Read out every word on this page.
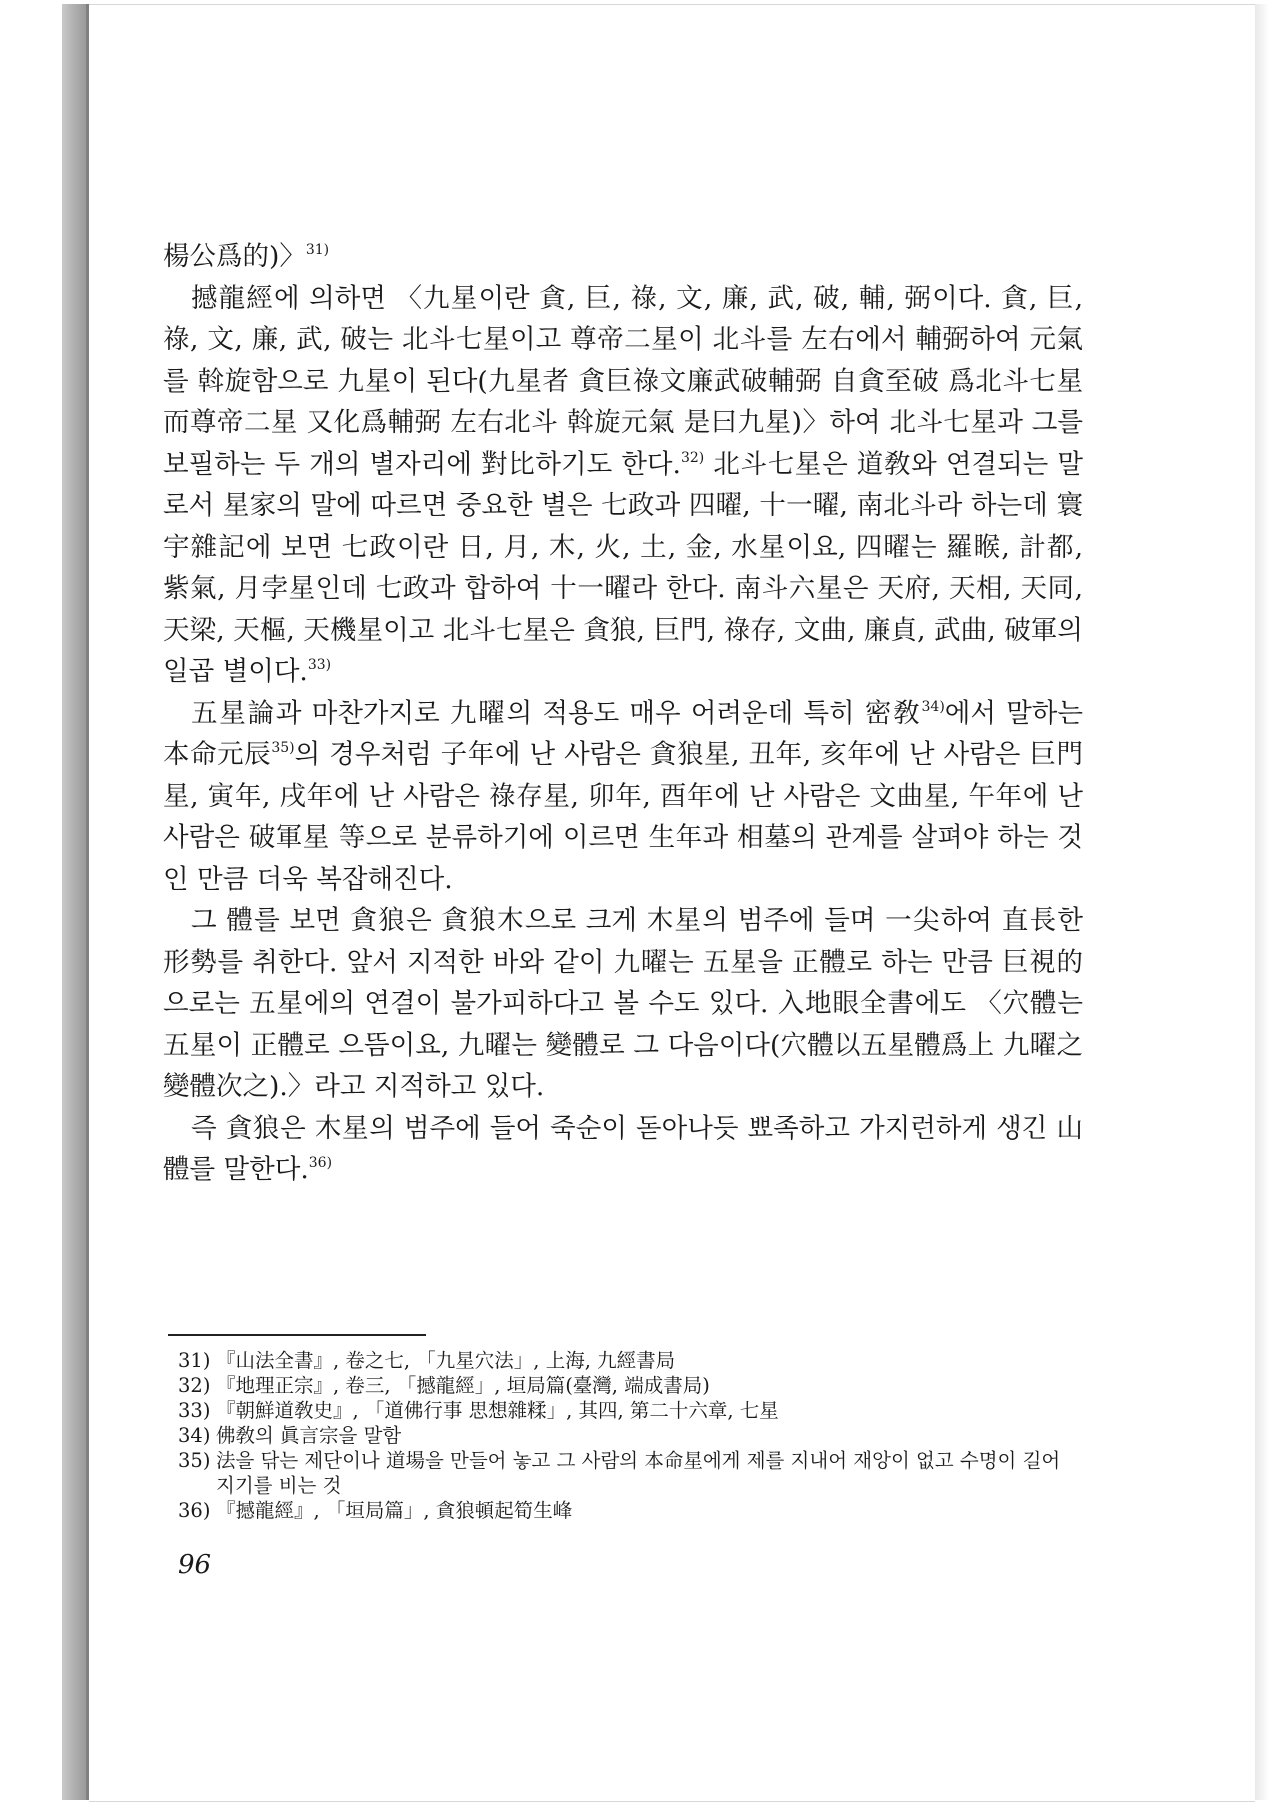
楊公爲的)〉$^{31)}$

撼龍經에 의하면 〈九星이란 貪, 巨, 祿, 文, 廉, 武, 破, 輔, 弼이다. 貪, 巨, 祿, 文, 廉, 武, 破는 北斗七星이고 尊帝二星이 北斗를 左右에서 輔弼하여 元氣를 斡旋함으로 九星이 된다(九星者 貪巨祿文廉武破輔弼 自貪至破 爲北斗七星 而尊帝二星 又化爲輔弼 左右北斗 斡旋元氣 是曰九星)〉하여 北斗七星과 그를 보필하는 두 개의 별자리에 對比하기도 한다.$^{32)}$ 北斗七星은 道敎와 연결되는 말로서 星家의 말에 따르면 중요한 별은 七政과 四曜, 十一曜, 南北斗라 하는데 寰宇雜記에 보면 七政이란 日, 月, 木, 火, 土, 金, 水星이요, 四曜는 羅睺, 計都, 紫氣, 月孛星인데 七政과 합하여 十一曜라 한다. 南斗六星은 天府, 天相, 天同, 天梁, 天樞, 天機星이고 北斗七星은 貪狼, 巨門, 祿存, 文曲, 廉貞, 武曲, 破軍의 일곱 별이다.$^{33)}$

五星論과 마찬가지로 九曜의 적용도 매우 어려운데 특히 密敎$^{34)}$에서 말하는 本命元辰$^{35)}$의 경우처럼 子年에 난 사람은 貪狼星, 丑年, 亥年에 난 사람은 巨門星, 寅年, 戌年에 난 사람은 祿存星, 卯年, 酉年에 난 사람은 文曲星, 午年에 난 사람은 破軍星 等으로 분류하기에 이르면 生年과 相墓의 관계를 살펴야 하는 것인 만큼 더욱 복잡해진다.

그 體를 보면 貪狼은 貪狼木으로 크게 木星의 범주에 들며 一尖하여 直長한 形勢를 취한다. 앞서 지적한 바와 같이 九曜는 五星을 正體로 하는 만큼 巨視的으로는 五星에의 연결이 불가피하다고 볼 수도 있다. 入地眼全書에도 〈穴體는 五星이 正體로 으뜸이요, 九曜는 變體로 그 다음이다(穴體以五星體爲上 九曜之變體次之).〉라고 지적하고 있다.

즉 貪狼은 木星의 범주에 들어 죽순이 돋아나듯 뾰족하고 가지런하게 생긴 山體를 말한다.$^{36)}$

31) 『山法全書』, 卷之七, 「九星穴法」, 上海, 九經書局
32) 『地理正宗』, 卷三, 「撼龍經」, 垣局篇(臺灣, 端成書局)
33) 『朝鮮道敎史』, 「道佛行事 思想雜糅」, 其四, 第二十六章, 七星
34) 佛敎의 眞言宗을 말함
35) 法을 닦는 제단이나 道場을 만들어 놓고 그 사람의 本命星에게 제를 지내어 재앙이 없고 수명이 길어지기를 비는 것
36) 『撼龍經』, 「垣局篇」, 貪狼頓起筍生峰
96
